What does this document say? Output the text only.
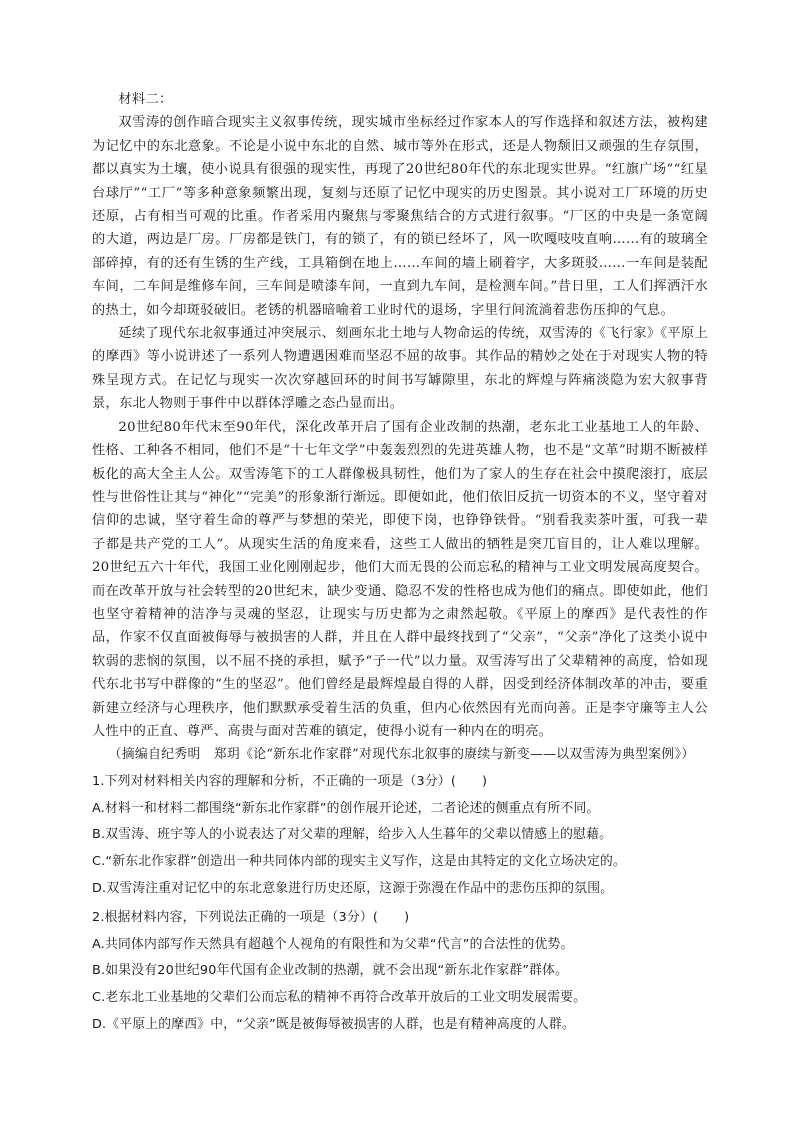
材料二：

双雪涛的创作暗合现实主义叙事传统，现实城市坐标经过作家本人的写作选择和叙述方法，被构建为记忆中的东北意象。不论是小说中东北的自然、城市等外在形式，还是人物颓旧又顽强的生存氛围，都以真实为土壤，使小说具有很强的现实性，再现了20世纪80年代的东北现实世界。“红旗广场”“红星台球厅”“工厂”等多种意象频繁出现，复刻与还原了记忆中现实的历史图景。其小说对工厂环境的历史还原，占有相当可观的比重。作者采用内聚焦与零聚焦结合的方式进行叙事。“厂区的中央是一条宽阔的大道，两边是厂房。厂房都是铁门，有的锁了，有的锁已经坏了，风一吹嘎吱吱直响……有的玻璃全部碎掉，有的还有生锈的生产线，工具箱倒在地上……车间的墙上刷着字，大多斑驳……一车间是装配车间，二车间是维修车间，三车间是喷漆车间，一直到九车间，是检测车间。”昔日里，工人们挥洒汗水的热土，如今却斑驳破旧。老锈的机器暗喻着工业时代的退场，字里行间流淌着悲伤压抑的气息。

延续了现代东北叙事通过冲突展示、刻画东北土地与人物命运的传统，双雪涛的《飞行家》《平原上的摩西》等小说讲述了一系列人物遭遇困难而坚忍不屈的故事。其作品的精妙之处在于对现实人物的特殊呈现方式。在记忆与现实一次次穿越回环的时间书写罅隙里，东北的辉煌与阵痛淡隐为宏大叙事背景，东北人物则于事件中以群体浮雕之态凸显而出。

20世纪80年代末至90年代，深化改革开启了国有企业改制的热潮，老东北工业基地工人的年龄、性格、工种各不相同，他们不是“十七年文学”中轰轰烈烈的先进英雄人物，也不是“文革”时期不断被样板化的高大全主人公。双雪涛笔下的工人群像极具韧性，他们为了家人的生存在社会中摸爬滚打，底层性与世俗性让其与“神化”“完美”的形象渐行渐远。即便如此，他们依旧反抗一切资本的不义，坚守着对信仰的忠诚，坚守着生命的尊严与梦想的荣光，即使下岗，也铮铮铁骨。“别看我卖茶叶蛋，可我一辈子都是共产党的工人”。从现实生活的角度来看，这些工人做出的牺牲是突兀盲目的，让人难以理解。20世纪五六十年代，我国工业化刚刚起步，他们大而无畏的公而忘私的精神与工业文明发展高度契合。而在改革开放与社会转型的20世纪末，缺少变通、隐忍不发的性格也成为他们的痛点。即使如此，他们也坚守着精神的洁净与灵魂的坚忍，让现实与历史都为之肃然起敬。《平原上的摩西》是代表性的作品，作家不仅直面被侮辱与被损害的人群，并且在人群中最终找到了“父亲”，“父亲”净化了这类小说中软弱的悲悯的氛围，以不屈不挠的承担，赋予“子一代”以力量。双雪涛写出了父辈精神的高度，恰如现代东北书写中群像的“生的坚忍”。他们曾经是最辉煌最自得的人群，因受到经济体制改革的冲击，要重新建立经济与心理秩序，他们默默承受着生活的负重，但内心依然因有光而向善。正是李守廉等主人公人性中的正直、尊严、高贵与面对苦难的镇定，使得小说有一种内在的明亮。

（摘编自纪秀明　郑玥《论“新东北作家群”对现代东北叙事的赓续与新变——以双雪涛为典型案例》）

1.下列对材料相关内容的理解和分析，不正确的一项是（3分）(　　)

A.材料一和材料二都围绕“新东北作家群”的创作展开论述，二者论述的侧重点有所不同。

B.双雪涛、班宇等人的小说表达了对父辈的理解，给步入人生暮年的父辈以情感上的慰藉。

C.“新东北作家群”创造出一种共同体内部的现实主义写作，这是由其特定的文化立场决定的。

D.双雪涛注重对记忆中的东北意象进行历史还原，这源于弥漫在作品中的悲伤压抑的氛围。

2.根据材料内容，下列说法正确的一项是（3分）(　　)

A.共同体内部写作天然具有超越个人视角的有限性和为父辈“代言”的合法性的优势。

B.如果没有20世纪90年代国有企业改制的热潮，就不会出现“新东北作家群”群体。

C.老东北工业基地的父辈们公而忘私的精神不再符合改革开放后的工业文明发展需要。

D.《平原上的摩西》中，“父亲”既是被侮辱被损害的人群，也是有精神高度的人群。
